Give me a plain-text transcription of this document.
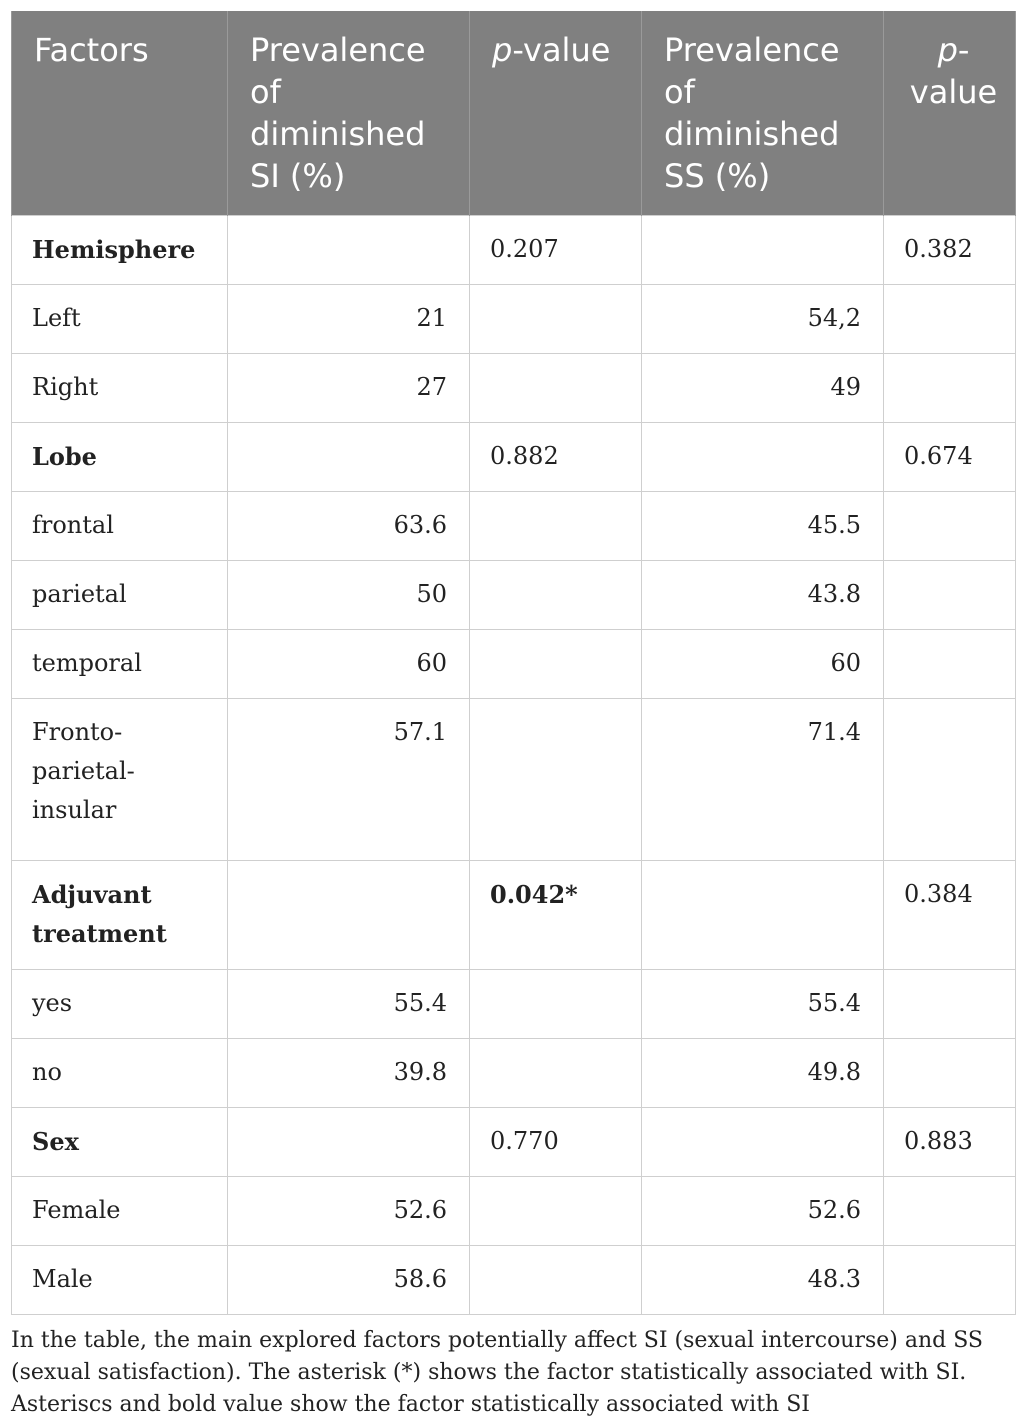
Factors	Prevalence of diminished SI (%)	p-value	Prevalence of diminished SS (%)	p-value
Hemisphere		0.207		0.382
Left	21		54,2	
Right	27		49	
Lobe		0.882		0.674
frontal	63.6		45.5	
parietal	50		43.8	
temporal	60		60	
Fronto-parietal-insular	57.1		71.4	
Adjuvant treatment		0.042*		0.384
yes	55.4		55.4	
no	39.8		49.8	
Sex		0.770		0.883
Female	52.6		52.6	
Male	58.6		48.3	
In the table, the main explored factors potentially affect SI (sexual intercourse) and SS (sexual satisfaction). The asterisk (*) shows the factor statistically associated with SI. Asteriscs and bold value show the factor statistically associated with SI
